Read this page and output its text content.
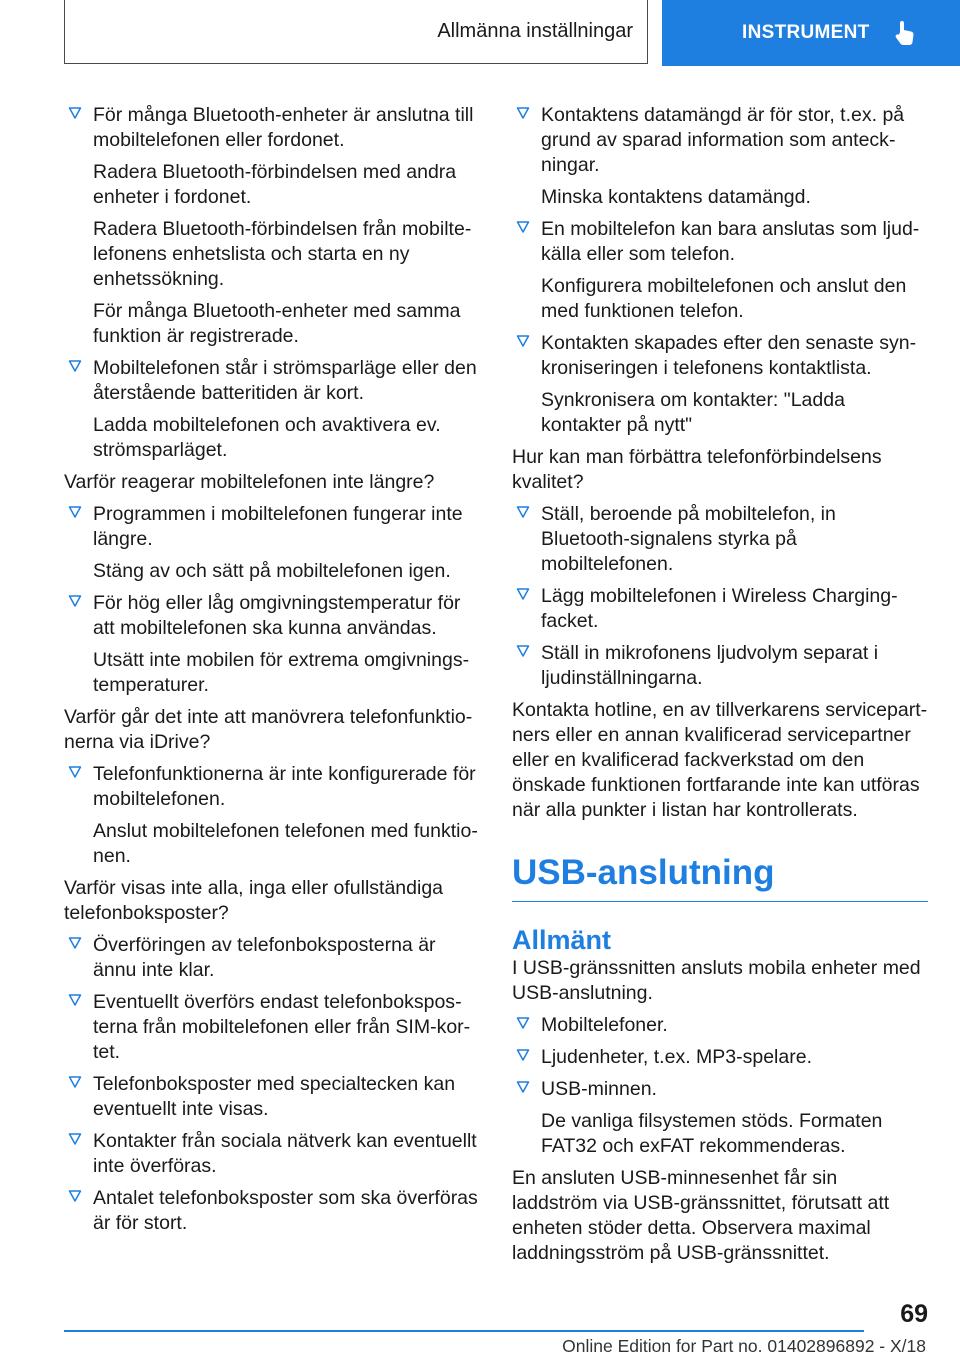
Allmänna inställningar	INSTRUMENT

För många Bluetooth-enheter är anslutna till mobiltelefonen eller fordonet.

Radera Bluetooth-förbindelsen med andra enheter i fordonet.

Radera Bluetooth-förbindelsen från mobiltelefonens enhetslista och starta en ny enhetssökning.

För många Bluetooth-enheter med samma funktion är registrerade.

Mobiltelefonen står i strömsparläge eller den återstående batteritiden är kort.

Ladda mobiltelefonen och avaktivera ev. strömsparläget.

Varför reagerar mobiltelefonen inte längre?

Programmen i mobiltelefonen fungerar inte längre.

Stäng av och sätt på mobiltelefonen igen.

För hög eller låg omgivningstemperatur för att mobiltelefonen ska kunna användas.

Utsätt inte mobilen för extrema omgivningstemperaturer.

Varför går det inte att manövrera telefonfunktionerna via iDrive?

Telefonfunktionerna är inte konfigurerade för mobiltelefonen.

Anslut mobiltelefonen telefonen med funktionen.

Varför visas inte alla, inga eller ofullständiga telefonboksposter?

Överföringen av telefonboksposterna är ännu inte klar.

Eventuellt överförs endast telefonboksposterna från mobiltelefonen eller från SIM-kortet.

Telefonboksposter med specialtecken kan eventuellt inte visas.

Kontakter från sociala nätverk kan eventuellt inte överföras.

Antalet telefonboksposter som ska överföras är för stort.

Kontaktens datamängd är för stor, t.ex. på grund av sparad information som anteckningar.

Minska kontaktens datamängd.

En mobiltelefon kan bara anslutas som ljudkälla eller som telefon.

Konfigurera mobiltelefonen och anslut den med funktionen telefon.

Kontakten skapades efter den senaste synkroniseringen i telefonens kontaktlista.

Synkronisera om kontakter: "Ladda kontakter på nytt"

Hur kan man förbättra telefonförbindelsens kvalitet?

Ställ, beroende på mobiltelefon, in Bluetooth-signalens styrka på mobiltelefonen.

Lägg mobiltelefonen i Wireless Charging-facket.

Ställ in mikrofonens ljudvolym separat i ljudinställningarna.

Kontakta hotline, en av tillverkarens servicepartners eller en annan kvalificerad servicepartner eller en kvalificerad fackverkstad om den önskade funktionen fortfarande inte kan utföras när alla punkter i listan har kontrollerats.

USB-anslutning
Allmänt

I USB-gränssnitten ansluts mobila enheter med USB-anslutning.

Mobiltelefoner.

Ljudenheter, t.ex. MP3-spelare.

USB-minnen.

De vanliga filsystemen stöds. Formaten FAT32 och exFAT rekommenderas.

En ansluten USB-minnesenhet får sin laddström via USB-gränssnittet, förutsatt att enheten stöder detta. Observera maximal laddningsström på USB-gränssnittet.

69
Online Edition for Part no. 01402896892 - X/18
